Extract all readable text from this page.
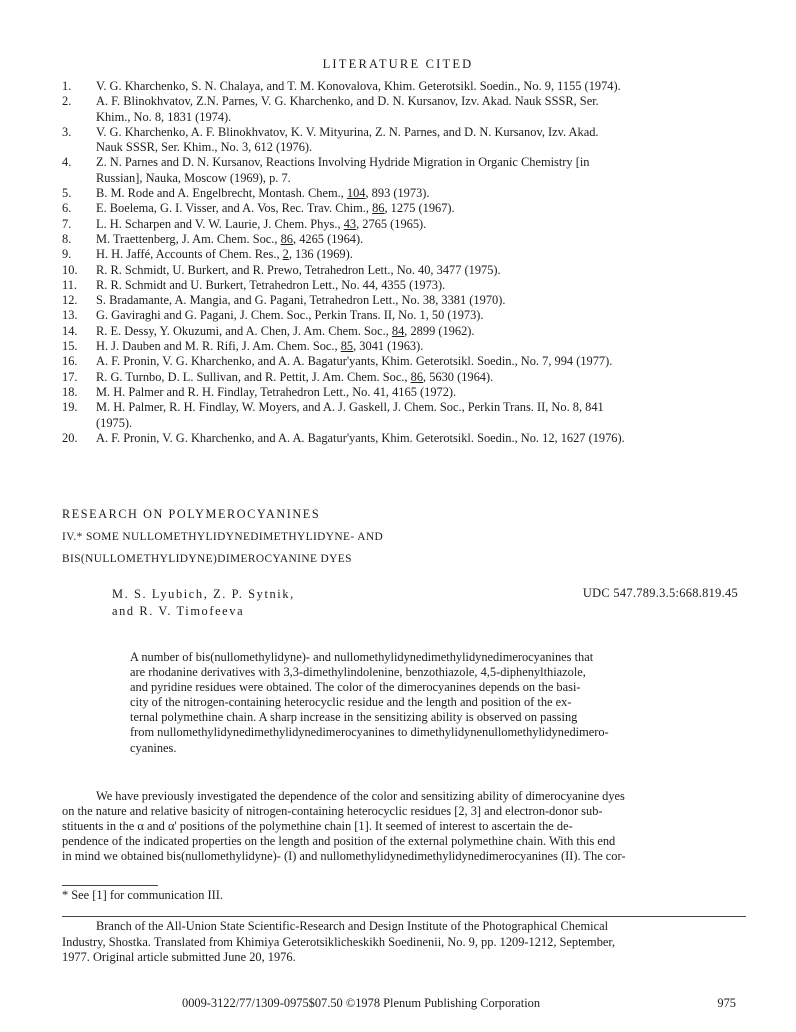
LITERATURE CITED
1.	V. G. Kharchenko, S. N. Chalaya, and T. M. Konovalova, Khim. Geterotsikl. Soedin., No. 9, 1155 (1974).
2.	A. F. Blinokhvatov, Z.N. Parnes, V. G. Kharchenko, and D. N. Kursanov, Izv. Akad. Nauk SSSR, Ser.
Khim., No. 8, 1831 (1974).
3.	V. G. Kharchenko, A. F. Blinokhvatov, K. V. Mityurina, Z. N. Parnes, and D. N. Kursanov, Izv. Akad.
Nauk SSSR, Ser. Khim., No. 3, 612 (1976).
4.	Z. N. Parnes and D. N. Kursanov, Reactions Involving Hydride Migration in Organic Chemistry [in
Russian], Nauka, Moscow (1969), p. 7.
5.	B. M. Rode and A. Engelbrecht, Montash. Chem., 104, 893 (1973).
6.	E. Boelema, G. I. Visser, and A. Vos, Rec. Trav. Chim., 86, 1275 (1967).
7.	L. H. Scharpen and V. W. Laurie, J. Chem. Phys., 43, 2765 (1965).
8.	M. Traettenberg, J. Am. Chem. Soc., 86, 4265 (1964).
9.	H. H. Jaffé, Accounts of Chem. Res., 2, 136 (1969).
10.	R. R. Schmidt, U. Burkert, and R. Prewo, Tetrahedron Lett., No. 40, 3477 (1975).
11.	R. R. Schmidt and U. Burkert, Tetrahedron Lett., No. 44, 4355 (1973).
12.	S. Bradamante, A. Mangia, and G. Pagani, Tetrahedron Lett., No. 38, 3381 (1970).
13.	G. Gaviraghi and G. Pagani, J. Chem. Soc., Perkin Trans. II, No. 1, 50 (1973).
14.	R. E. Dessy, Y. Okuzumi, and A. Chen, J. Am. Chem. Soc., 84, 2899 (1962).
15.	H. J. Dauben and M. R. Rifi, J. Am. Chem. Soc., 85, 3041 (1963).
16.	A. F. Pronin, V. G. Kharchenko, and A. A. Bagatur'yants, Khim. Geterotsikl. Soedin., No. 7, 994 (1977).
17.	R. G. Turnbo, D. L. Sullivan, and R. Pettit, J. Am. Chem. Soc., 86, 5630 (1964).
18.	M. H. Palmer and R. H. Findlay, Tetrahedron Lett., No. 41, 4165 (1972).
19.	M. H. Palmer, R. H. Findlay, W. Moyers, and A. J. Gaskell, J. Chem. Soc., Perkin Trans. II, No. 8, 841
(1975).
20.	A. F. Pronin, V. G. Kharchenko, and A. A. Bagatur'yants, Khim. Geterotsikl. Soedin., No. 12, 1627 (1976).
RESEARCH ON POLYMEROCYANINES
IV.* SOME NULLOMETHYLIDYNEDIMETHYLIDYNE- AND
BIS(NULLOMETHYLIDYNE)DIMEROCYANINE DYES
M. S. Lyubich, Z. P. Sytnik,
and R. V. Timofeeva
UDC 547.789.3.5:668.819.45
A number of bis(nullomethylidyne)- and nullomethylidynedimethylidynedimerocyanines that
are rhodanine derivatives with 3,3-dimethylindolenine, benzothiazole, 4,5-diphenylthiazole,
and pyridine residues were obtained. The color of the dimerocyanines depends on the basi-
city of the nitrogen-containing heterocyclic residue and the length and position of the ex-
ternal polymethine chain. A sharp increase in the sensitizing ability is observed on passing
from nullomethylidynedimethylidynedimerocyanines to dimethylidynenullomethylidynedimero-
cyanines.
We have previously investigated the dependence of the color and sensitizing ability of dimerocyanine dyes
on the nature and relative basicity of nitrogen-containing heterocyclic residues [2, 3] and electron-donor sub-
stituents in the α and α' positions of the polymethine chain [1]. It seemed of interest to ascertain the de-
pendence of the indicated properties on the length and position of the external polymethine chain. With this end
in mind we obtained bis(nullomethylidyne)- (I) and nullomethylidynedimethylidynedimerocyanines (II). The cor-
* See [1] for communication III.
Branch of the All-Union State Scientific-Research and Design Institute of the Photographical Chemical
Industry, Shostka. Translated from Khimiya Geterotsiklicheskikh Soedinenii, No. 9, pp. 1209-1212, September,
1977. Original article submitted June 20, 1976.
0009-3122/77/1309-0975$07.50 ©1978 Plenum Publishing Corporation	975
